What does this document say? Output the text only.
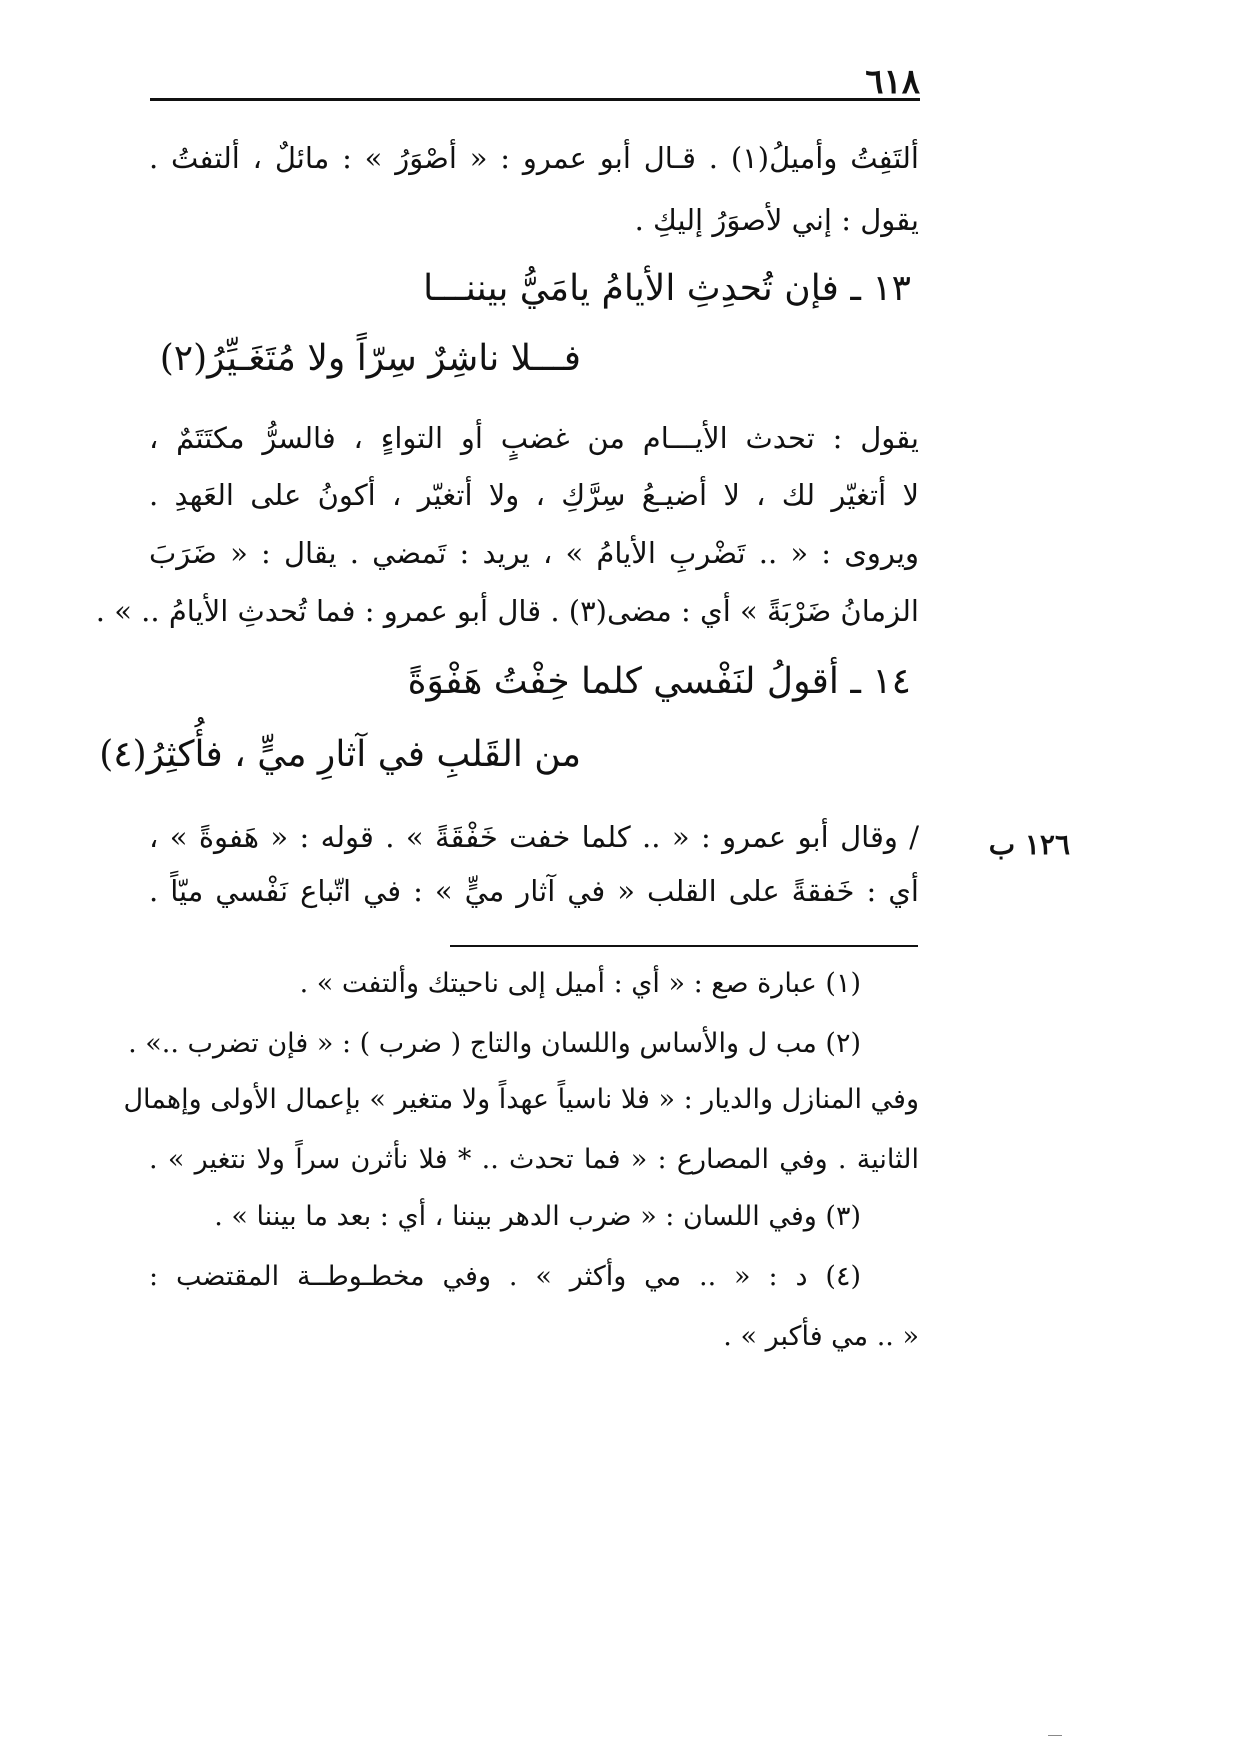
٦١٨
ألتَفِتُ وأميلُ(١) . قـال أبو عمرو : « أصْوَرُ » : مائلٌ ، ألتفتُ .
يقول : إني لأصوَرُ إليكِ .
١٣ ـ فإن تُحدِثِ الأيامُ يامَيُّ بيننـــا
فـــلا ناشِرٌ سِرّاً ولا مُتَغَـيِّرُ(٢)
يقول : تحدث الأيـــام من غضبٍ أو التواءٍ ، فالسرُّ مكتَتَمٌ ،
لا أتغيّر لك ، لا أضيـعُ سِرَّكِ ، ولا أتغيّر ، أكونُ على العَهدِ .
ويروى : « .. تَضْربِ الأيامُ » ، يريد : تَمضي . يقال : « ضَرَبَ
الزمانُ ضَرْبَةً » أي : مضى(٣) . قال أبو عمرو : فما تُحدثِ الأيامُ .. » .
١٤ ـ أقولُ لنَفْسي كلما خِفْتُ هَفْوَةً
من القَلبِ في آثارِ ميٍّ ، فأُكثِرُ(٤)
/ وقال أبو عمرو : « .. كلما خفت خَفْقَةً » . قوله : « هَفوةً » ،
أي : خَفقةً على القلب « في آثار ميٍّ » : في اتّباع نَفْسي ميّاً .
١٢٦ ب
(١) عبارة صع : « أي : أميل إلى ناحيتك وألتفت » .
(٢) مب ل والأساس واللسان والتاج ( ضرب ) : « فإن تضرب ..» .
وفي المنازل والديار : « فلا ناسياً عهداً ولا متغير » بإعمال الأولى وإهمال
الثانية . وفي المصارع : « فما تحدث .. * فلا نأثرن سراً ولا نتغير » .
(٣) وفي اللسان : « ضرب الدهر بيننا ، أي : بعد ما بيننا » .
(٤) د : « .. مي وأكثر » . وفي مخطـوطــة المقتضب :
« .. مي فأكبر » .
